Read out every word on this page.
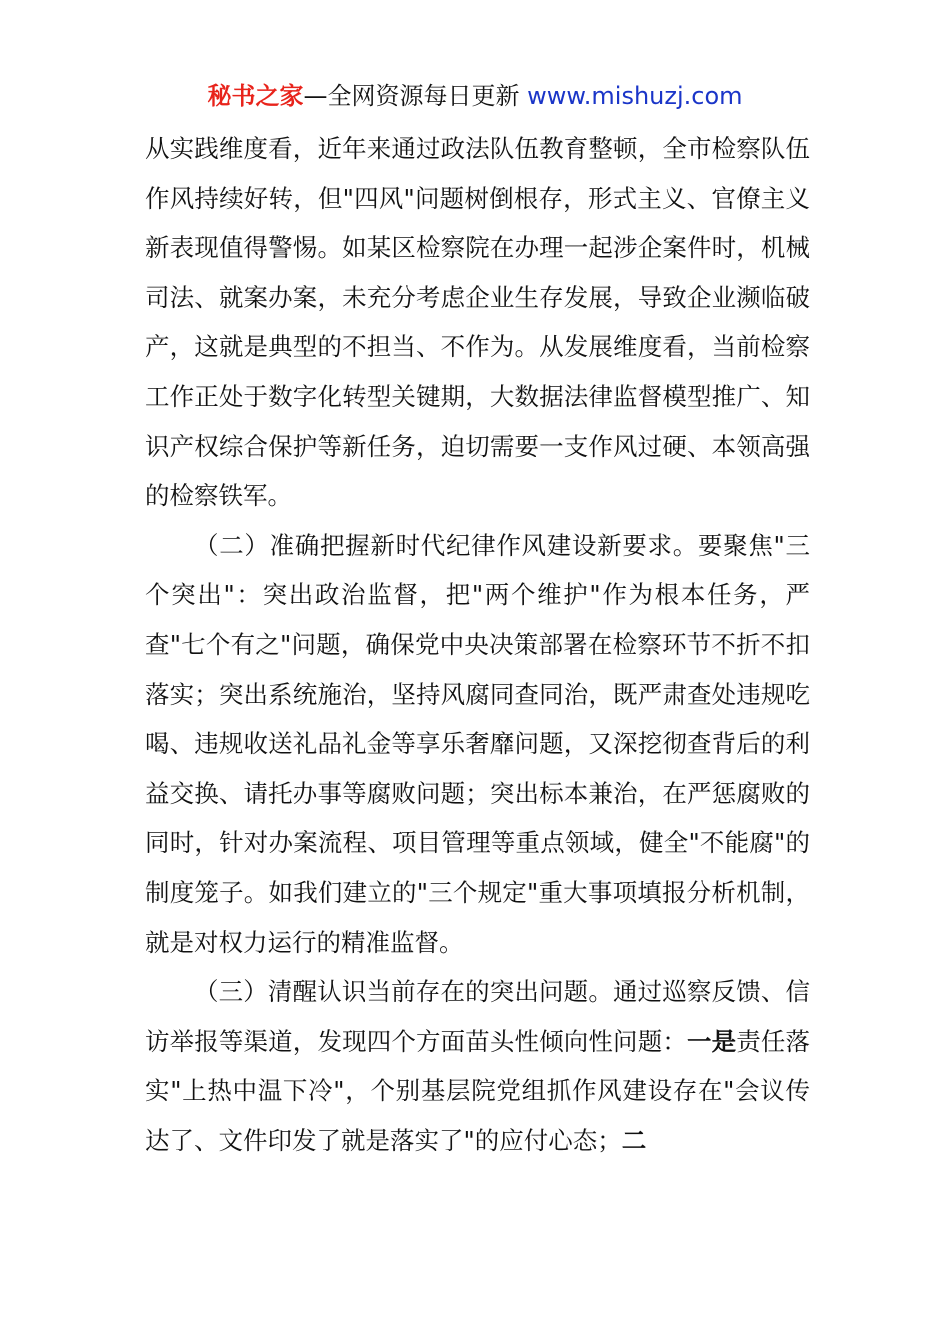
秘书之家—全网资源每日更新 www.mishuzj.com

从实践维度看，近年来通过政法队伍教育整顿，全市检察队伍作风持续好转，但"四风"问题树倒根存，形式主义、官僚主义新表现值得警惕。如某区检察院在办理一起涉企案件时，机械司法、就案办案，未充分考虑企业生存发展，导致企业濒临破产，这就是典型的不担当、不作为。从发展维度看，当前检察工作正处于数字化转型关键期，大数据法律监督模型推广、知识产权综合保护等新任务，迫切需要一支作风过硬、本领高强的检察铁军。

（二）准确把握新时代纪律作风建设新要求。要聚焦"三个突出"：突出政治监督，把"两个维护"作为根本任务，严查"七个有之"问题，确保党中央决策部署在检察环节不折不扣落实；突出系统施治，坚持风腐同查同治，既严肃查处违规吃喝、违规收送礼品礼金等享乐奢靡问题，又深挖彻查背后的利益交换、请托办事等腐败问题；突出标本兼治，在严惩腐败的同时，针对办案流程、项目管理等重点领域，健全"不能腐"的制度笼子。如我们建立的"三个规定"重大事项填报分析机制，就是对权力运行的精准监督。

（三）清醒认识当前存在的突出问题。通过巡察反馈、信访举报等渠道，发现四个方面苗头性倾向性问题：一是责任落实"上热中温下冷"，个别基层院党组抓作风建设存在"会议传达了、文件印发了就是落实了"的应付心态；二
